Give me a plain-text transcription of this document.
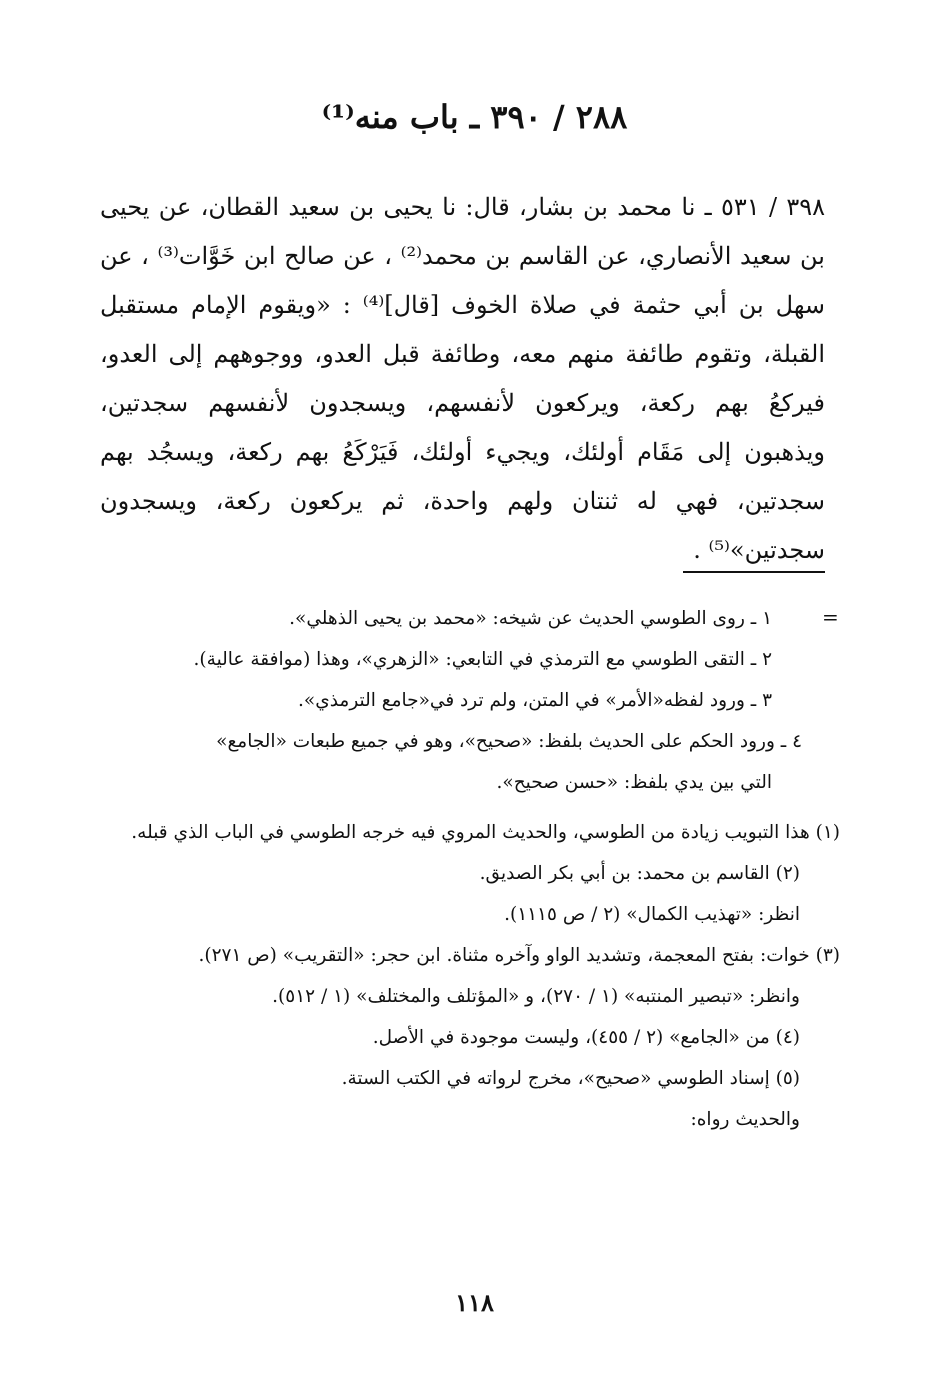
٢٨٨ / ٣٩٠ ـ باب منه⁽¹⁾

٣٩٨ / ٥٣١ ـ نا محمد بن بشار، قال: نا يحيى بن سعيد القطان، عن يحيى بن سعيد الأنصاري، عن القاسم بن محمد⁽²⁾ ، عن صالح ابن خَوَّات⁽³⁾ ، عن سهل بن أبي حثمة في صلاة الخوف [قال]⁽⁴⁾ : «ويقوم الإمام مستقبل القبلة، وتقوم طائفة منهم معه، وطائفة قبل العدو، ووجوههم إلى العدو، فيركعُ بهم ركعة، ويركعون لأنفسهم، ويسجدون لأنفسهم سجدتين، ويذهبون إلى مَقَام أولئك، ويجيء أولئك، فَيَرْكَعُ بهم ركعة، ويسجُد بهم سجدتين، فهي له ثنتان ولهم واحدة، ثم يركعون ركعة، ويسجدون سجدتين»⁽⁵⁾ .

=

١ ـ روى الطوسي الحديث عن شيخه: «محمد بن يحيى الذهلي».

٢ ـ التقى الطوسي مع الترمذي في التابعي: «الزهري»، وهذا (موافقة عالية).

٣ ـ ورود لفظه«الأمر» في المتن، ولم ترد في«جامع الترمذي».

٤ ـ ورود الحكم على الحديث بلفظ: «صحيح»، وهو في جميع طبعات «الجامع»

التي بين يدي بلفظ: «حسن صحيح».

(١) هذا التبويب زيادة من الطوسي، والحديث المروي فيه خرجه الطوسي في الباب الذي قبله.

(٢) القاسم بن محمد: بن أبي بكر الصديق.

انظر: «تهذيب الكمال» (٢ / ص ١١١٥).

(٣) خوات: بفتح المعجمة، وتشديد الواو وآخره مثناة. ابن حجر: «التقريب» (ص ٢٧١).

وانظر: «تبصير المنتبه» (١ / ٢٧٠)، و «المؤتلف والمختلف» (١ / ٥١٢).

(٤) من «الجامع» (٢ / ٤٥٥)، وليست موجودة في الأصل.

(٥) إسناد الطوسي «صحيح»، مخرج لرواته في الكتب الستة.

والحديث رواه:

١١٨
